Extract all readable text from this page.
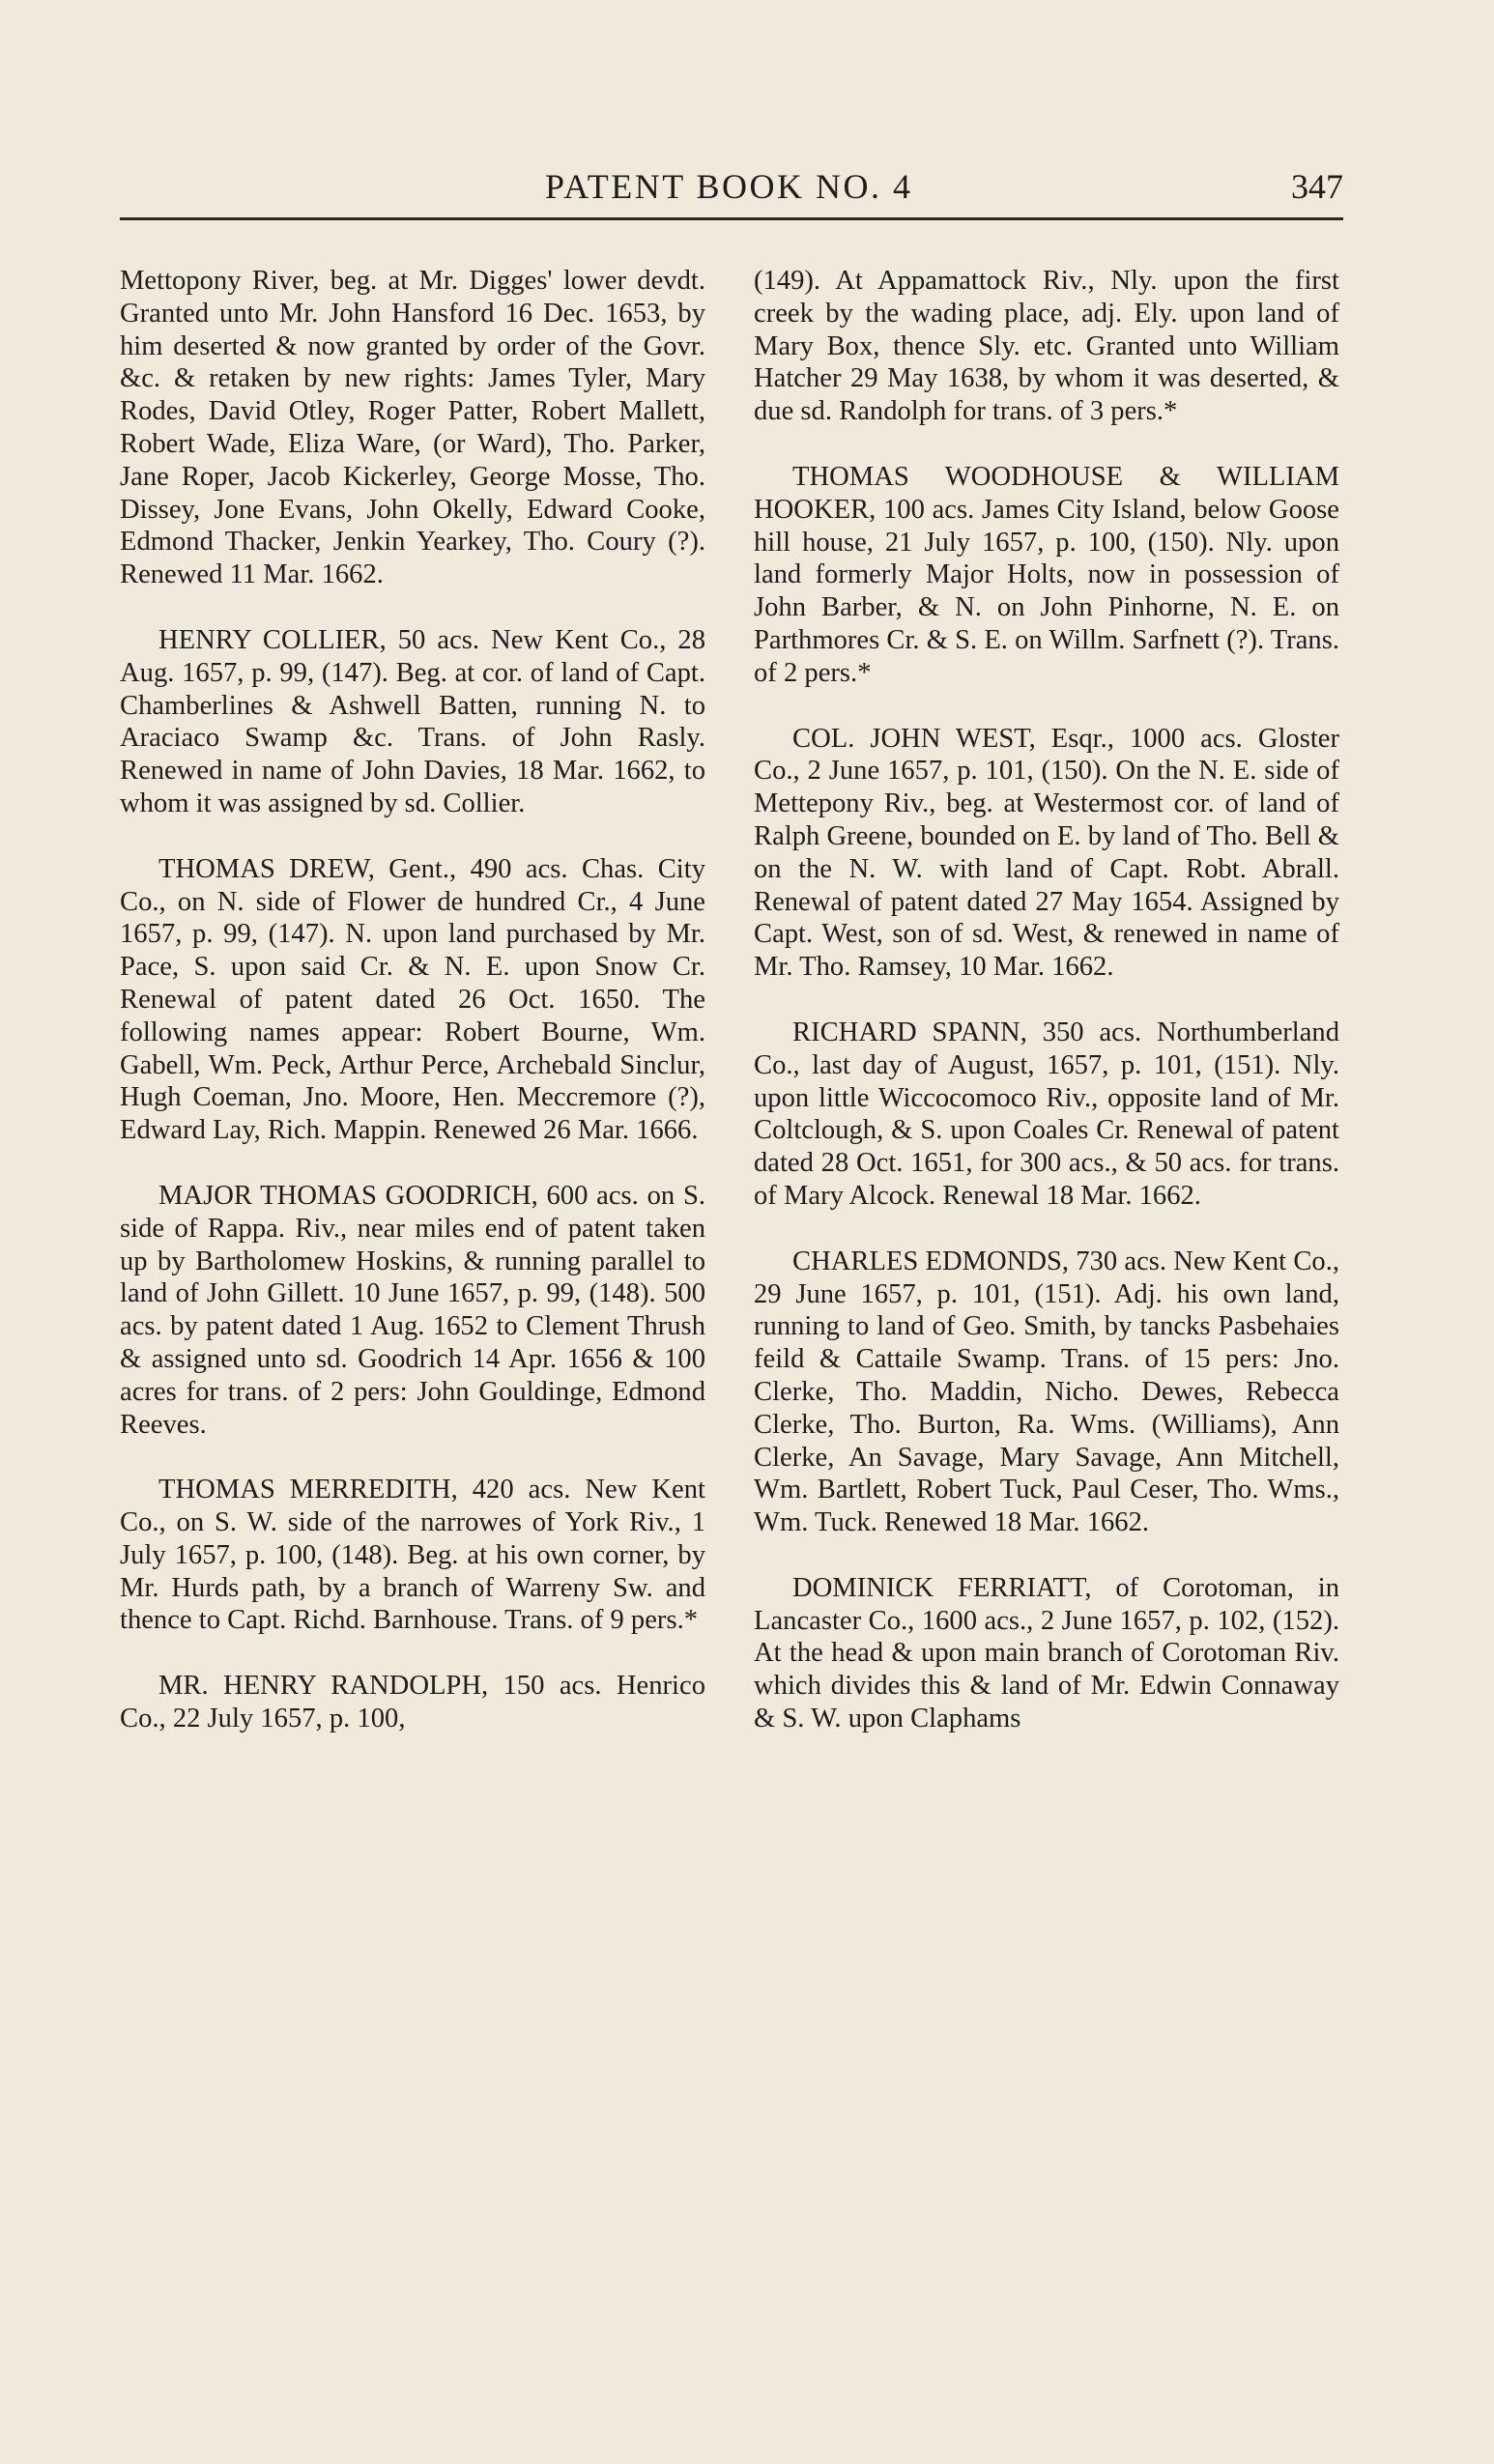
PATENT BOOK NO. 4	347

Mettopony River, beg. at Mr. Digges' lower devdt. Granted unto Mr. John Hansford 16 Dec. 1653, by him deserted & now granted by order of the Govr. &c. & retaken by new rights: James Tyler, Mary Rodes, David Otley, Roger Patter, Robert Mallett, Robert Wade, Eliza Ware, (or Ward), Tho. Parker, Jane Roper, Jacob Kickerley, George Mosse, Tho. Dissey, Jone Evans, John Okelly, Edward Cooke, Edmond Thacker, Jenkin Yearkey, Tho. Coury (?). Renewed 11 Mar. 1662.

HENRY COLLIER, 50 acs. New Kent Co., 28 Aug. 1657, p. 99, (147). Beg. at cor. of land of Capt. Chamberlines & Ashwell Batten, running N. to Araciaco Swamp &c. Trans. of John Rasly. Renewed in name of John Davies, 18 Mar. 1662, to whom it was assigned by sd. Collier.

THOMAS DREW, Gent., 490 acs. Chas. City Co., on N. side of Flower de hundred Cr., 4 June 1657, p. 99, (147). N. upon land purchased by Mr. Pace, S. upon said Cr. & N. E. upon Snow Cr. Renewal of patent dated 26 Oct. 1650. The following names appear: Robert Bourne, Wm. Gabell, Wm. Peck, Arthur Perce, Archebald Sinclur, Hugh Coeman, Jno. Moore, Hen. Meccremore (?), Edward Lay, Rich. Mappin. Renewed 26 Mar. 1666.

MAJOR THOMAS GOODRICH, 600 acs. on S. side of Rappa. Riv., near miles end of patent taken up by Bartholomew Hoskins, & running parallel to land of John Gillett. 10 June 1657, p. 99, (148). 500 acs. by patent dated 1 Aug. 1652 to Clement Thrush & assigned unto sd. Goodrich 14 Apr. 1656 & 100 acres for trans. of 2 pers: John Gouldinge, Edmond Reeves.

THOMAS MERREDITH, 420 acs. New Kent Co., on S. W. side of the narrowes of York Riv., 1 July 1657, p. 100, (148). Beg. at his own corner, by Mr. Hurds path, by a branch of Warreny Sw. and thence to Capt. Richd. Barnhouse. Trans. of 9 pers.*

MR. HENRY RANDOLPH, 150 acs. Henrico Co., 22 July 1657, p. 100,

(149). At Appamattock Riv., Nly. upon the first creek by the wading place, adj. Ely. upon land of Mary Box, thence Sly. etc. Granted unto William Hatcher 29 May 1638, by whom it was deserted, & due sd. Randolph for trans. of 3 pers.*

THOMAS WOODHOUSE & WILLIAM HOOKER, 100 acs. James City Island, below Goose hill house, 21 July 1657, p. 100, (150). Nly. upon land formerly Major Holts, now in possession of John Barber, & N. on John Pinhorne, N. E. on Parthmores Cr. & S. E. on Willm. Sarfnett (?). Trans. of 2 pers.*

COL. JOHN WEST, Esqr., 1000 acs. Gloster Co., 2 June 1657, p. 101, (150). On the N. E. side of Mettepony Riv., beg. at Westermost cor. of land of Ralph Greene, bounded on E. by land of Tho. Bell & on the N. W. with land of Capt. Robt. Abrall. Renewal of patent dated 27 May 1654. Assigned by Capt. West, son of sd. West, & renewed in name of Mr. Tho. Ramsey, 10 Mar. 1662.

RICHARD SPANN, 350 acs. Northumberland Co., last day of August, 1657, p. 101, (151). Nly. upon little Wiccocomoco Riv., opposite land of Mr. Coltclough, & S. upon Coales Cr. Renewal of patent dated 28 Oct. 1651, for 300 acs., & 50 acs. for trans. of Mary Alcock. Renewal 18 Mar. 1662.

CHARLES EDMONDS, 730 acs. New Kent Co., 29 June 1657, p. 101, (151). Adj. his own land, running to land of Geo. Smith, by tancks Pasbehaies feild & Cattaile Swamp. Trans. of 15 pers: Jno. Clerke, Tho. Maddin, Nicho. Dewes, Rebecca Clerke, Tho. Burton, Ra. Wms. (Williams), Ann Clerke, An Savage, Mary Savage, Ann Mitchell, Wm. Bartlett, Robert Tuck, Paul Ceser, Tho. Wms., Wm. Tuck. Renewed 18 Mar. 1662.

DOMINICK FERRIATT, of Corotoman, in Lancaster Co., 1600 acs., 2 June 1657, p. 102, (152). At the head & upon main branch of Corotoman Riv. which divides this & land of Mr. Edwin Connaway & S. W. upon Claphams
